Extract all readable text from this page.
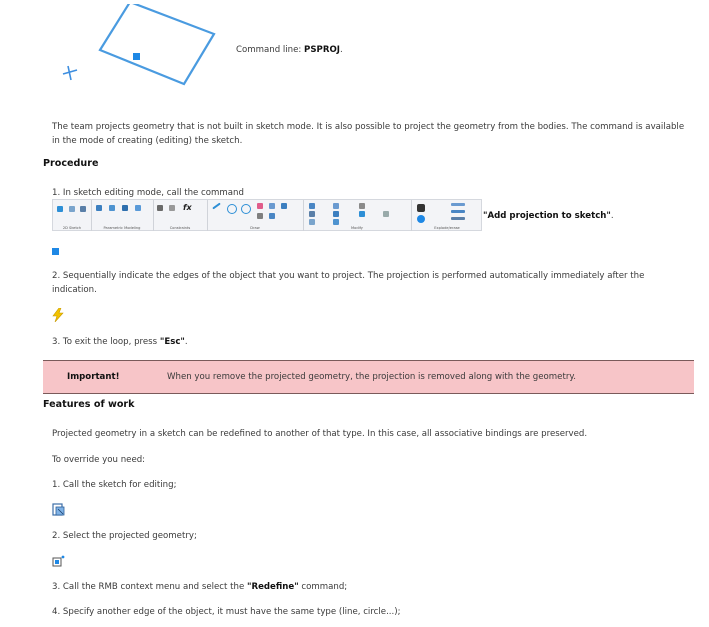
Command line: PSPROJ.
The team projects geometry that is not built in sketch mode. It is also possible to project the geometry from the bodies. The command is available in the mode of creating (editing) the sketch.
Procedure
1. In sketch editing mode, call the command
2D Sketch	Parametric Modeling
fx
Constraints	Draw	Modify	Explode/erase
"Add projection to sketch".
2. Sequentially indicate the edges of the object that you want to project. The projection is performed automatically immediately after the indication.
3. To exit the loop, press "Esc".
Important!	When you remove the projected geometry, the projection is removed along with the geometry.
Features of work
Projected geometry in a sketch can be redefined to another of that type. In this case, all associative bindings are preserved.
To override you need:
1. Call the sketch for editing;
2. Select the projected geometry;
3. Call the RMB context menu and select the "Redefine" command;
4. Specify another edge of the object, it must have the same type (line, circle...);
